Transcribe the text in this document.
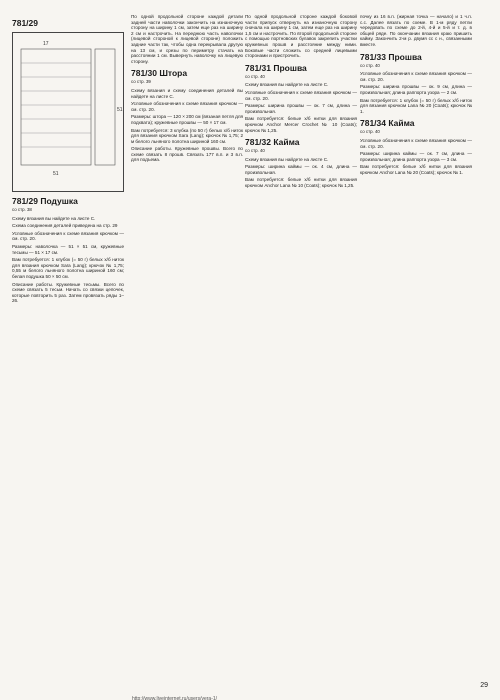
781/29
17
51
51
781/29 Подушка
со стр. 38

Схему вязания вы найдете на листе C.

Схема соединения деталей приведена на стр. 29

Условные обозначения к схеме вязания крючком — см. стр. 20.

Размеры: наволочка — 51 × 51 см, кружевные тесьмы — 51 × 17 см.

Вам потребуется: 1 клубок (= 50 г) белых х/б ниток для вязания крючком Sara (Lang); крючок № 1,75; 0,55 м белого льняного полотна шириной 160 см; белая подушка 50 × 50 см.

Описание работы. Кружевные тесьмы. Всего по схеме связать 5 тесьм. Начать со связки цепочек, которые повторить 5 раз. Затем провязать ряды 1–26.

По одной продольной стороне каждой детали задней части наволочки закончить на изнаночную сторону на ширину 1 см, затем еще раз на ширину 2 см и настрочить. На переднюю часть наволочки (лицевой стороной к лицевой стороне) положить задние части так, чтобы одна перекрывала другую на 13 см, и срезы по периметру стачать на расстоянии 1 см. Вывернуть наволочку на лицевую сторону.

781/30 Штора
со стр. 39

Схему вязания и схему соединения деталей вы найдете на листе C.

Условные обозначения к схеме вязания крючком — см. стр. 20.

Размеры: штора — 120 × 200 см (вязаная петля для подхвата); кружевные прошвы — 50 × 17 см.

Вам потребуется: 3 клубка (по 50 г) белых х/б ниток для вязания крючком Sara (Lang); крючок № 1,75; 2 м белого льняного полотна шириной 160 см.

Описание работы. Кружевные прошвы. Всего по схеме связать 8 прошв. Связать 177 в.п. и 3 в.п. для подъема.

По одной продольной стороне каждой боковой части припуск отвернуть на изнаночную сторону сначала на ширину 1 см, затем еще раз на ширину 1,5 см и настрочить. По второй продольной стороне с помощью портновских булавок закрепить участки кружевных прошв и расстояние между ними. Боковые части сложить со средней лицевыми сторонами и пристрочить.

781/31 Прошва
со стр. 40

Схему вязания вы найдете на листе C.

Условные обозначения к схеме вязания крючком — см. стр. 20.

Размеры: ширина прошвы — ок. 7 см, длина — произвольная.

Вам потребуется: белые х/б нитки для вязания крючком Anchor Mercer Crochet № 10 (Coats); крючок № 1,25.

781/32 Кайма
со стр. 40

Схему вязания вы найдете на листе C.

Размеры: ширина каймы — ок. 4 см, длина — произвольная.

Вам потребуется: белые х/б нитки для вязания крючком Anchor Lana № 10 (Coats); крючок № 1,25.

почку из 16 в.п. (жирная точка — начало) и 1 ч.п. с.с. Далее вязать по схеме. В 1-м ряду петли чередовать по схеме до 2-й, 4-й и 5-й и т. д. в общей ряде. По окончании вязания краю пришить кайму. Закончить 2-м р. двумя сс с н., связанными вместе.

781/33 Прошва
со стр. 40

Условные обозначения к схеме вязания крючком — см. стр. 20.

Размеры: ширина прошвы — ок. 9 см, длина — произвольная; длина раппорта узора — 2 см.

Вам потребуется: 1 клубок (= 50 г) белых х/б ниток для вязания крючком Lana № 20 (Coats); крючок № 1.

781/34 Кайма
со стр. 40

Условные обозначения к схеме вязания крючком — см. стр. 20.

Размеры: ширина каймы — ок. 7 см, длина — произвольная; длина раппорта узора — 3 см.

Вам потребуется: белые х/б нитки для вязания крючком Anchor Lana № 20 (Coats); крючок № 1.

http://www.liveinternet.ru/users/vera-1/
29
